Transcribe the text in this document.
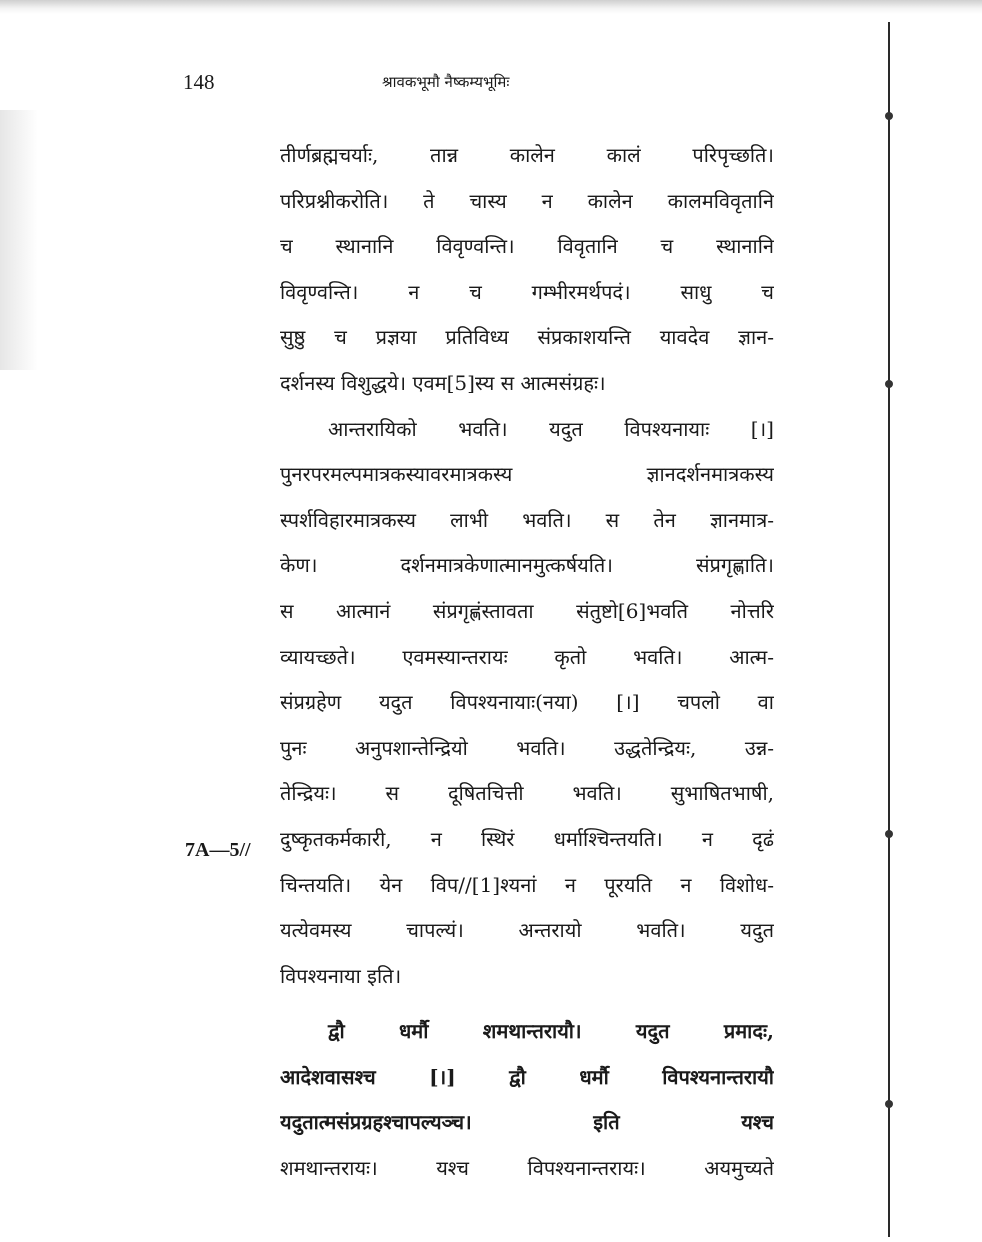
148	श्रावकभूमौ नैष्कम्यभूमिः
7A—5//
तीर्णब्रह्मचर्याः, तान्न कालेन कालं परिपृच्छति।
परिप्रश्नीकरोति। ते चास्य न कालेन कालमविवृतानि
च स्थानानि विवृण्वन्ति। विवृतानि च स्थानानि
विवृण्वन्ति। न च गम्भीरमर्थपदं। साधु च
सुष्ठु च प्रज्ञया प्रतिविध्य संप्रकाशयन्ति यावदेव ज्ञान-
दर्शनस्य विशुद्धये। एवम[5]स्य स आत्मसंग्रहः।
आन्तरायिको भवति। यदुत विपश्यनायाः [।]
पुनरपरमल्पमात्रकस्यावरमात्रकस्य ज्ञानदर्शनमात्रकस्य
स्पर्शविहारमात्रकस्य लाभी भवति। स तेन ज्ञानमात्र-
केण। दर्शनमात्रकेणात्मानमुत्कर्षयति। संप्रगृह्णाति।
स आत्मानं संप्रगृह्णंस्तावता संतुष्टो[6]भवति नोत्तरि
व्यायच्छते। एवमस्यान्तरायः कृतो भवति। आत्म-
संप्रग्रहेण यदुत विपश्यनायाः(नया) [।] चपलो वा
पुनः अनुपशान्तेन्द्रियो भवति। उद्धतेन्द्रियः, उन्न-
तेन्द्रियः। स दूषितचित्ती भवति। सुभाषितभाषी,
दुष्कृतकर्मकारी, न स्थिरं धर्माश्चिन्तयति। न दृढं
चिन्तयति। येन विप//[1]श्यनां न पूरयति न विशोध-
यत्येवमस्य चापल्यं। अन्तरायो भवति। यदुत
विपश्यनाया इति।
द्वौ धर्मौ शमथान्तरायौ। यदुत प्रमादः,
आदेशवासश्च [।] द्वौ धर्मौ विपश्यनान्तरायौ
यदुतात्मसंप्रग्रहश्चापल्यञ्च। इति यश्च
शमथान्तरायः। यश्च विपश्यनान्तरायः। अयमुच्यते
